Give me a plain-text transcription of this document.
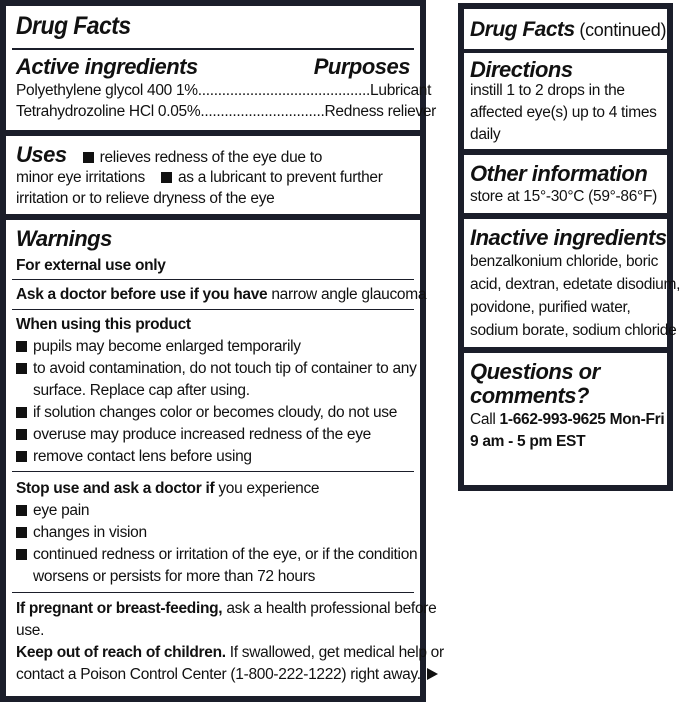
Drug Facts
Active ingredients	Purposes
Polyethylene glycol 400 1% ........................................... Lubricant
Tetrahydrozoline HCl 0.05% ............................... Redness reliever
Uses relieves redness of the eye due to
minor eye irritations as a lubricant to prevent further
irritation or to relieve dryness of the eye
Warnings
For external use only
Ask a doctor before use if you have narrow angle glaucoma
When using this product
pupils may become enlarged temporarily
to avoid contamination, do not touch tip of container to any
surface. Replace cap after using.
if solution changes color or becomes cloudy, do not use
overuse may produce increased redness of the eye
remove contact lens before using
Stop use and ask a doctor if you experience
eye pain
changes in vision
continued redness or irritation of the eye, or if the condition
worsens or persists for more than 72 hours
If pregnant or breast-feeding, ask a health professional before
use.
Keep out of reach of children. If swallowed, get medical help or
contact a Poison Control Center (1-800-222-1222) right away.
Drug Facts (continued)
Directions
instill 1 to 2 drops in the
affected eye(s) up to 4 times
daily
Other information
store at 15°-30°C (59°-86°F)
Inactive ingredients
benzalkonium chloride, boric
acid, dextran, edetate disodium,
povidone, purified water,
sodium borate, sodium chloride
Questions or
comments?
Call 1-662-993-9625 Mon-Fri
9 am - 5 pm EST
